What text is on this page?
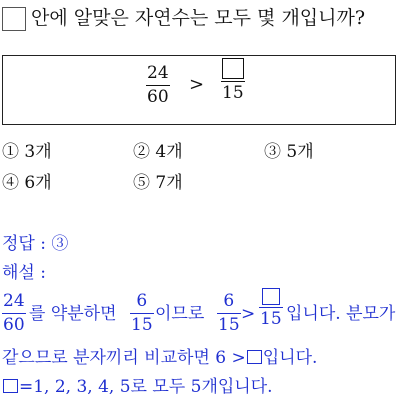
안에 알맞은 자연수는 모두 몇 개입니까?
24
60
> 15
① 3개	② 4개	③ 5개
④ 6개	⑤ 7개
정답 : ③
해설 :
24
60
를 약분하면
6
15
이므로
6
15
> 15 입니다. 분모가
같으므로 분자끼리 비교하면 6 > 입니다.
=1, 2, 3, 4, 5로 모두 5개입니다.
